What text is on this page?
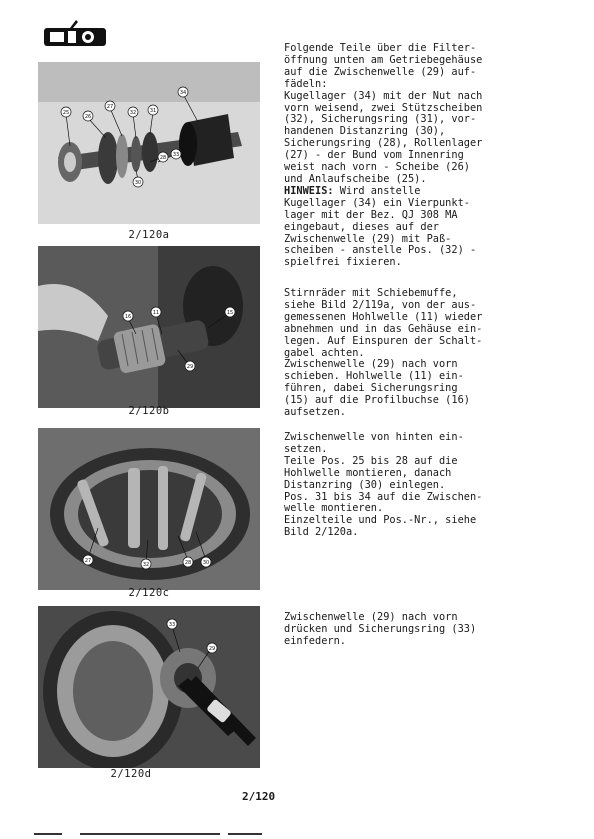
25
26
27
32	31
34
30
28 33
2/120a
16
11	15
29
2/120b
27
32	28 30
2/120c
33
29
2/120d
Folgende Teile über die Filter-
öffnung unten am Getriebegehäuse
auf die Zwischenwelle (29) auf-
fädeln:
Kugellager (34) mit der Nut nach
vorn weisend, zwei Stützscheiben
(32), Sicherungsring (31), vor-
handenen Distanzring (30),
Sicherungsring (28), Rollenlager
(27) - der Bund vom Innenring
weist nach vorn - Scheibe (26)
und Anlaufscheibe (25).
HINWEIS: Wird anstelle
Kugellager (34) ein Vierpunkt-
lager mit der Bez. QJ 308 MA
eingebaut, dieses auf der
Zwischenwelle (29) mit Paß-
scheiben - anstelle Pos. (32) -
spielfrei fixieren.
Stirnräder mit Schiebemuffe,
siehe Bild 2/119a, von der aus-
gemessenen Hohlwelle (11) wieder
abnehmen und in das Gehäuse ein-
legen. Auf Einspuren der Schalt-
gabel achten.
Zwischenwelle (29) nach vorn
schieben. Hohlwelle (11) ein-
führen, dabei Sicherungsring
(15) auf die Profilbuchse (16)
aufsetzen.
Zwischenwelle von hinten ein-
setzen.
Teile Pos. 25 bis 28 auf die
Hohlwelle montieren, danach
Distanzring (30) einlegen.
Pos. 31 bis 34 auf die Zwischen-
welle montieren.
Einzelteile und Pos.-Nr., siehe
Bild 2/120a.
Zwischenwelle (29) nach vorn
drücken und Sicherungsring (33)
einfedern.
2/120
